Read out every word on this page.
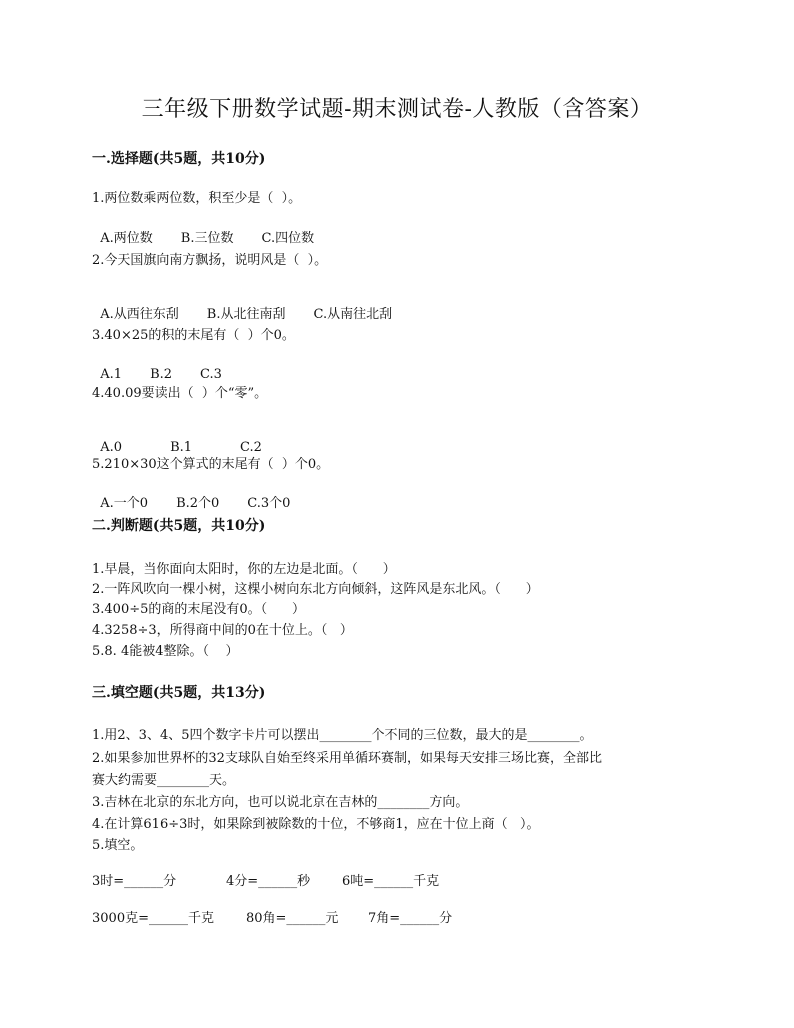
三年级下册数学试题-期末测试卷-人教版（含答案）
一.选择题(共5题，共10分)
1.两位数乘两位数，积至少是（  ）。

A.两位数 B.三位数 C.四位数

2.今天国旗向南方飘扬，说明风是（  ）。

A.从西往东刮 B.从北往南刮 C.从南往北刮

3.40×25的积的末尾有（  ）个0。

A.1 B.2 C.3

4.40.09要读出（  ）个“零”。

A.0	B.1	C.2

5.210×30这个算式的末尾有（  ）个0。

A.一个0 B.2个0 C.3个0

二.判断题(共5题，共10分)
1.早晨，当你面向太阳时，你的左边是北面。（      ）
2.一阵风吹向一棵小树，这棵小树向东北方向倾斜，这阵风是东北风。（      ）
3.400÷5的商的末尾没有0。（      ）
4.3258÷3，所得商中间的0在十位上。（   ）
5.8. 4能被4整除。（    ）
三.填空题(共5题，共13分)
1.用2、3、4、5四个数字卡片可以摆出________个不同的三位数，最大的是________。
2.如果参加世界杯的32支球队自始至终采用单循环赛制，如果每天安排三场比赛，全部比
赛大约需要________天。
3.吉林在北京的东北方向，也可以说北京在吉林的________方向。
4.在计算616÷3时，如果除到被除数的十位，不够商1，应在十位上商（   ）。
5.填空。
3时=______分	4分=______秒 6吨=______千克
3000克=______千克 80角=______元 7角=______分
